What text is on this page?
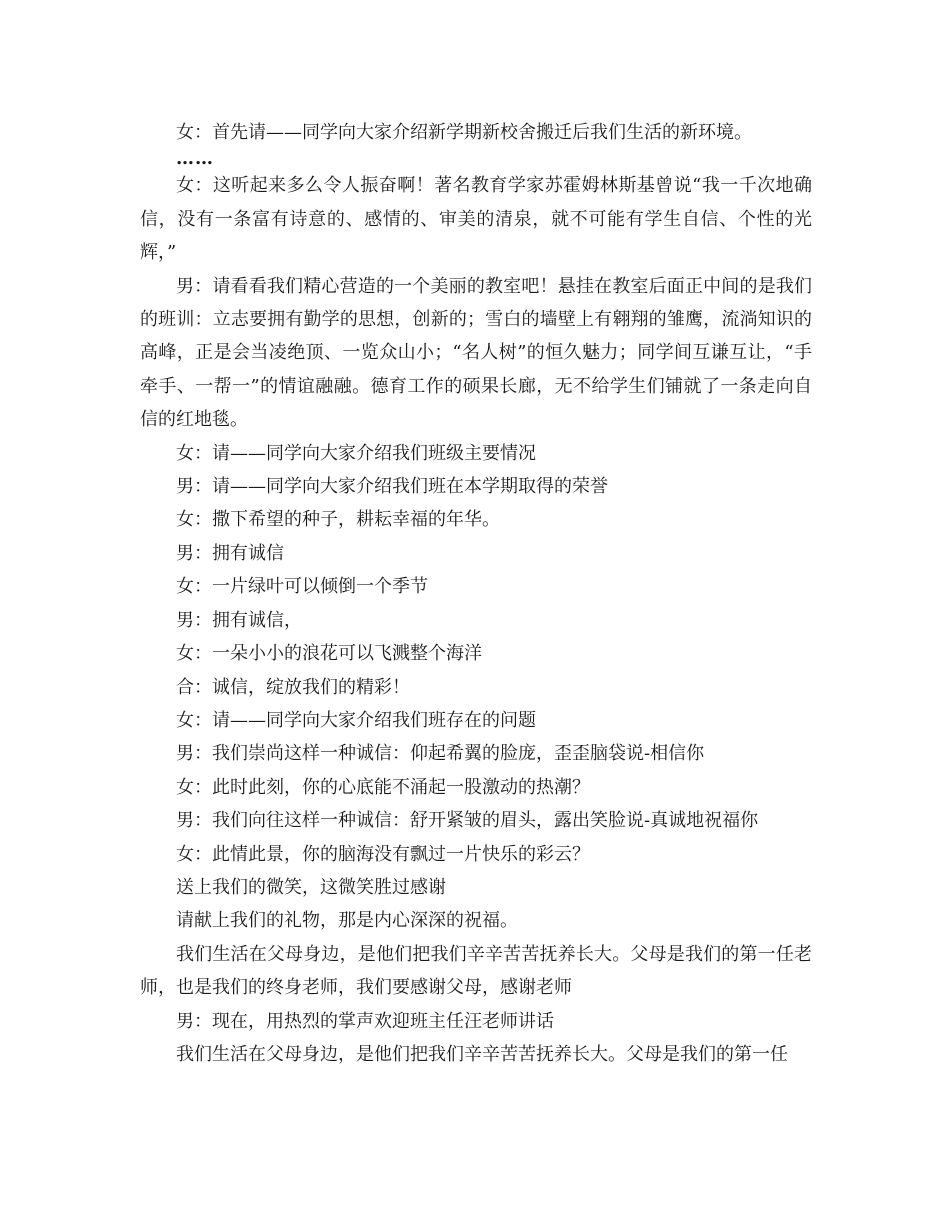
女：首先请——同学向大家介绍新学期新校舍搬迁后我们生活的新环境。

……

女：这听起来多么令人振奋啊！著名教育学家苏霍姆林斯基曾说“我一千次地确信，没有一条富有诗意的、感情的、审美的清泉，就不可能有学生自信、个性的光辉，”

男：请看看我们精心营造的一个美丽的教室吧！悬挂在教室后面正中间的是我们的班训：立志要拥有勤学的思想，创新的；雪白的墙壁上有翱翔的雏鹰，流淌知识的高峰，正是会当凌绝顶、一览众山小；“名人树”的恒久魅力；同学间互谦互让，“手牵手、一帮一”的情谊融融。德育工作的硕果长廊，无不给学生们铺就了一条走向自信的红地毯。

女：请——同学向大家介绍我们班级主要情况

男：请——同学向大家介绍我们班在本学期取得的荣誉

女：撒下希望的种子，耕耘幸福的年华。

男：拥有诚信

女：一片绿叶可以倾倒一个季节

男：拥有诚信，

女：一朵小小的浪花可以飞溅整个海洋

合：诚信，绽放我们的精彩！

女：请——同学向大家介绍我们班存在的问题

男：我们崇尚这样一种诚信：仰起希翼的脸庞，歪歪脑袋说-相信你

女：此时此刻，你的心底能不涌起一股激动的热潮？

男：我们向往这样一种诚信：舒开紧皱的眉头，露出笑脸说-真诚地祝福你

女：此情此景，你的脑海没有飘过一片快乐的彩云？

送上我们的微笑，这微笑胜过感谢

请献上我们的礼物，那是内心深深的祝福。

我们生活在父母身边，是他们把我们辛辛苦苦抚养长大。父母是我们的第一任老师，也是我们的终身老师，我们要感谢父母，感谢老师

男：现在，用热烈的掌声欢迎班主任汪老师讲话

我们生活在父母身边，是他们把我们辛辛苦苦抚养长大。父母是我们的第一任
